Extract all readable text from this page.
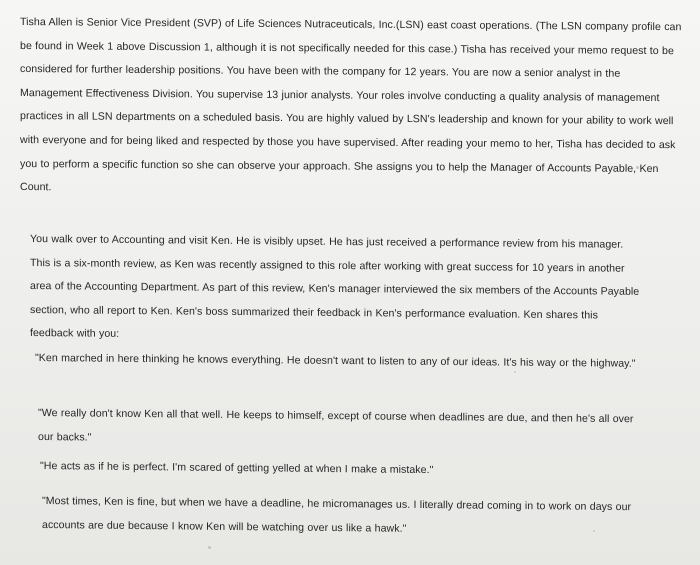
Tisha Allen is Senior Vice President (SVP) of Life Sciences Nutraceuticals, Inc.(LSN) east coast operations. (The LSN company profile can be found in Week 1 above Discussion 1, although it is not specifically needed for this case.) Tisha has received your memo request to be considered for further leadership positions. You have been with the company for 12 years. You are now a senior analyst in the Management Effectiveness Division. You supervise 13 junior analysts. Your roles involve conducting a quality analysis of management practices in all LSN departments on a scheduled basis. You are highly valued by LSN's leadership and known for your ability to work well with everyone and for being liked and respected by those you have supervised. After reading your memo to her, Tisha has decided to ask you to perform a specific function so she can observe your approach. She assigns you to help the Manager of Accounts Payable, Ken Count.

You walk over to Accounting and visit Ken. He is visibly upset. He has just received a performance review from his manager. This is a six-month review, as Ken was recently assigned to this role after working with great success for 10 years in another area of the Accounting Department. As part of this review, Ken's manager interviewed the six members of the Accounts Payable section, who all report to Ken. Ken's boss summarized their feedback in Ken's performance evaluation. Ken shares this feedback with you:

"Ken marched in here thinking he knows everything. He doesn't want to listen to any of our ideas. It's his way or the highway."

"We really don't know Ken all that well. He keeps to himself, except of course when deadlines are due, and then he's all over our backs."

"He acts as if he is perfect. I'm scared of getting yelled at when I make a mistake."

"Most times, Ken is fine, but when we have a deadline, he micromanages us. I literally dread coming in to work on days our accounts are due because I know Ken will be watching over us like a hawk."
